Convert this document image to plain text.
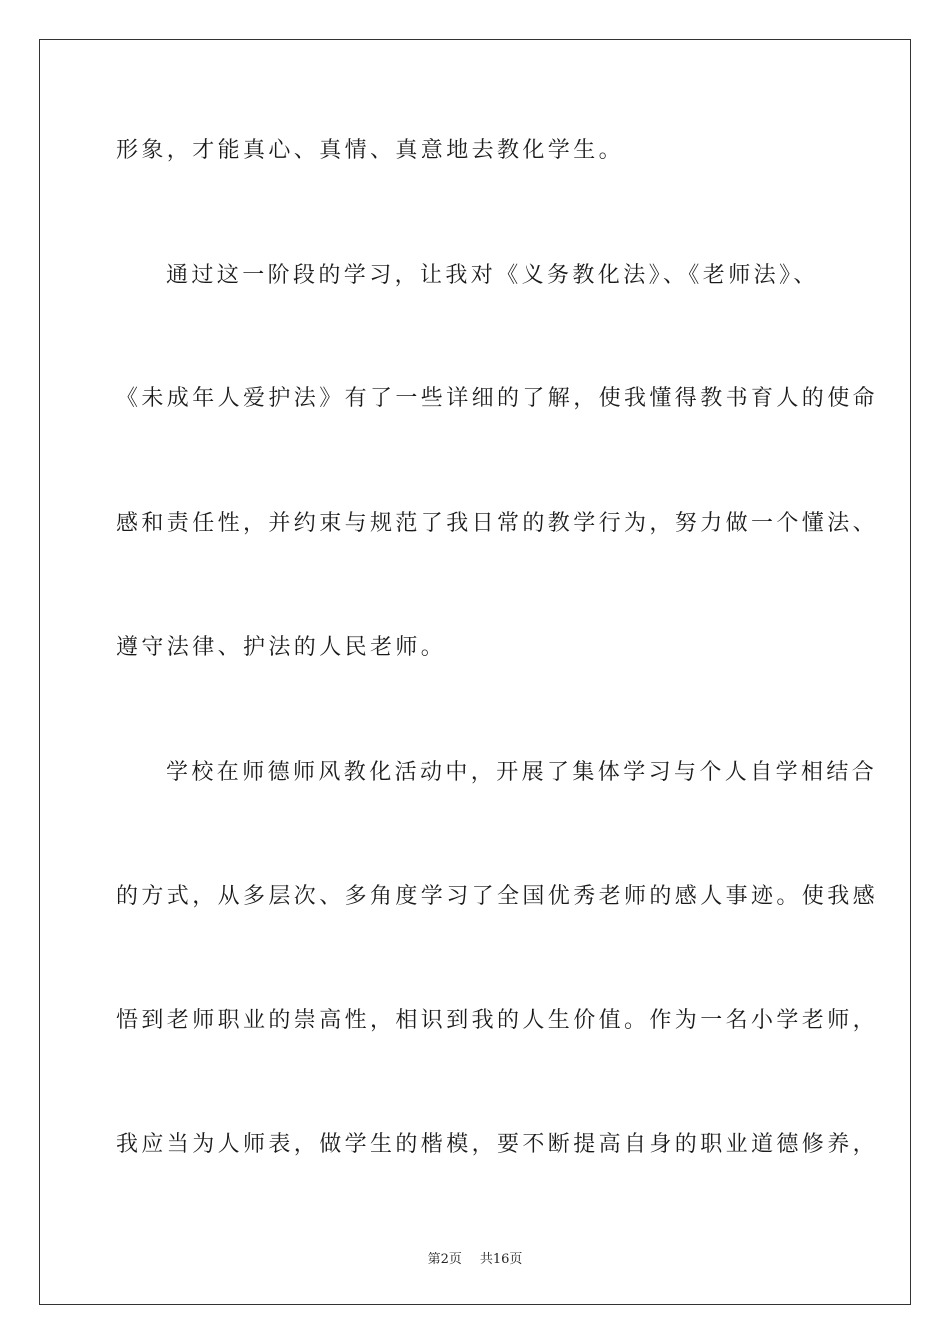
形象，才能真心、真情、真意地去教化学生。
通过这一阶段的学习，让我对《义务教化法》、《老师法》、
《未成年人爱护法》有了一些详细的了解，使我懂得教书育人的使命
感和责任性，并约束与规范了我日常的教学行为，努力做一个懂法、
遵守法律、护法的人民老师。
学校在师德师风教化活动中，开展了集体学习与个人自学相结合
的方式，从多层次、多角度学习了全国优秀老师的感人事迹。使我感
悟到老师职业的崇高性，相识到我的人生价值。作为一名小学老师，
我应当为人师表，做学生的楷模，要不断提高自身的职业道德修养，
第2页 共16页
